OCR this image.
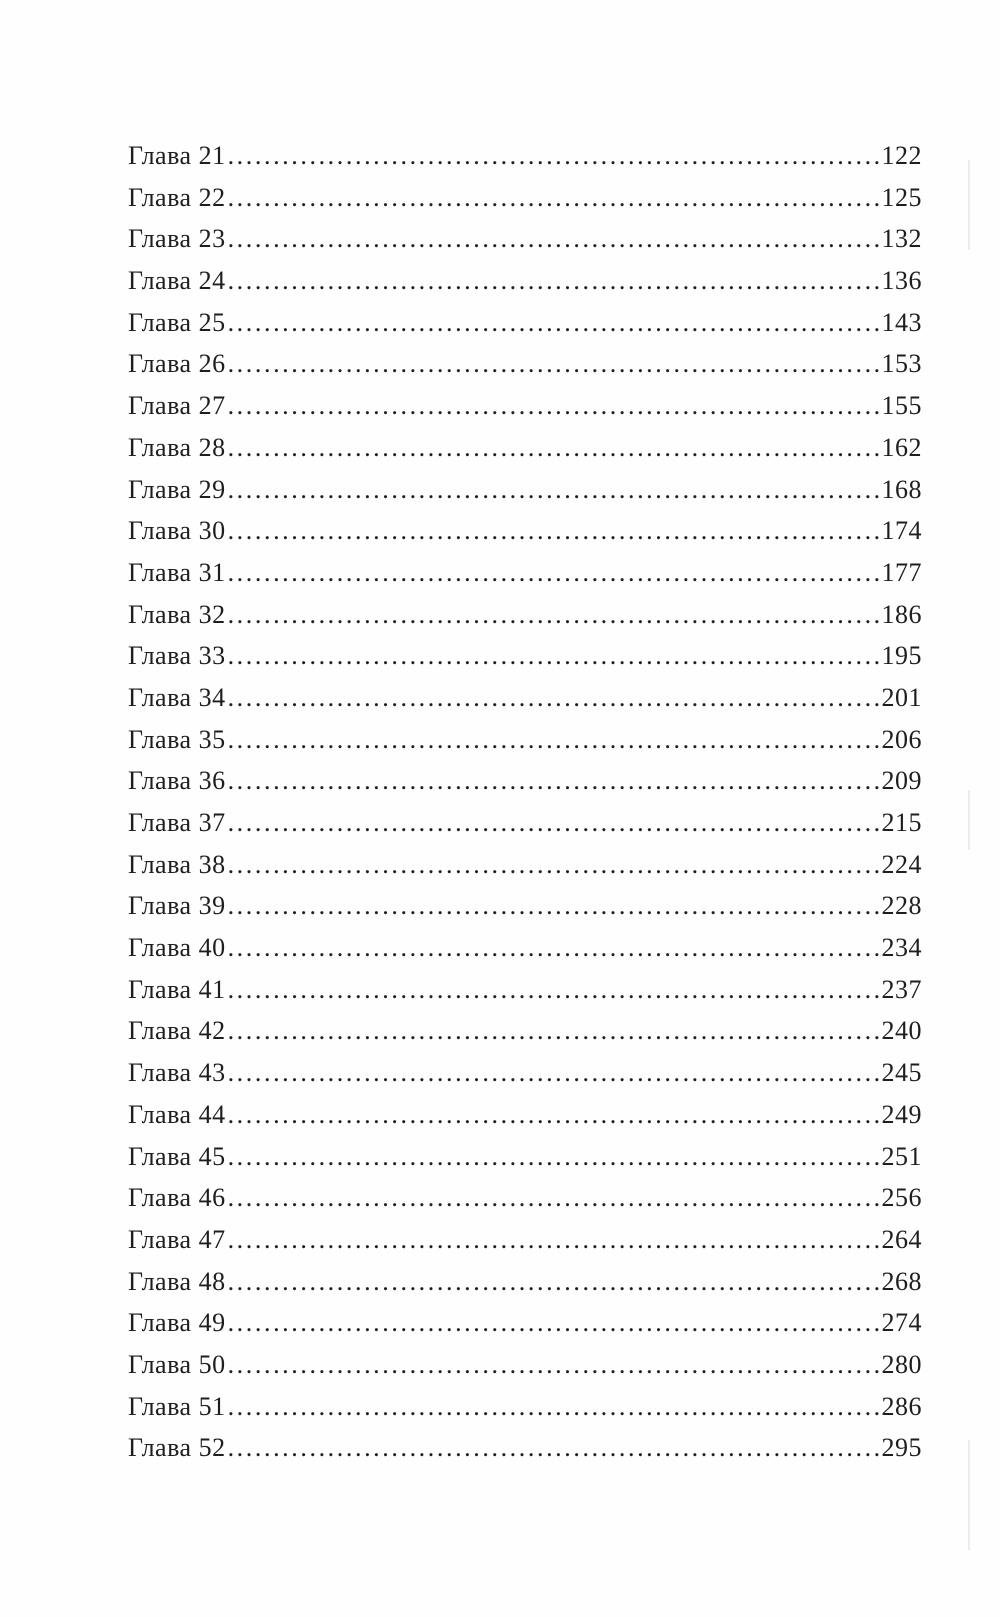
Глава 21 .....	122
Глава 22 .....	125
Глава 23 .....	132
Глава 24 .....	136
Глава 25 .....	143
Глава 26 .....	153
Глава 27 .....	155
Глава 28 .....	162
Глава 29 .....	168
Глава 30 .....	174
Глава 31 .....	177
Глава 32 .....	186
Глава 33 .....	195
Глава 34 .....	201
Глава 35 .....	206
Глава 36 .....	209
Глава 37 .....	215
Глава 38 .....	224
Глава 39 .....	228
Глава 40 .....	234
Глава 41 .....	237
Глава 42 .....	240
Глава 43 .....	245
Глава 44 .....	249
Глава 45 .....	251
Глава 46 .....	256
Глава 47 .....	264
Глава 48 .....	268
Глава 49 .....	274
Глава 50 .....	280
Глава 51 .....	286
Глава 52 .....	295
